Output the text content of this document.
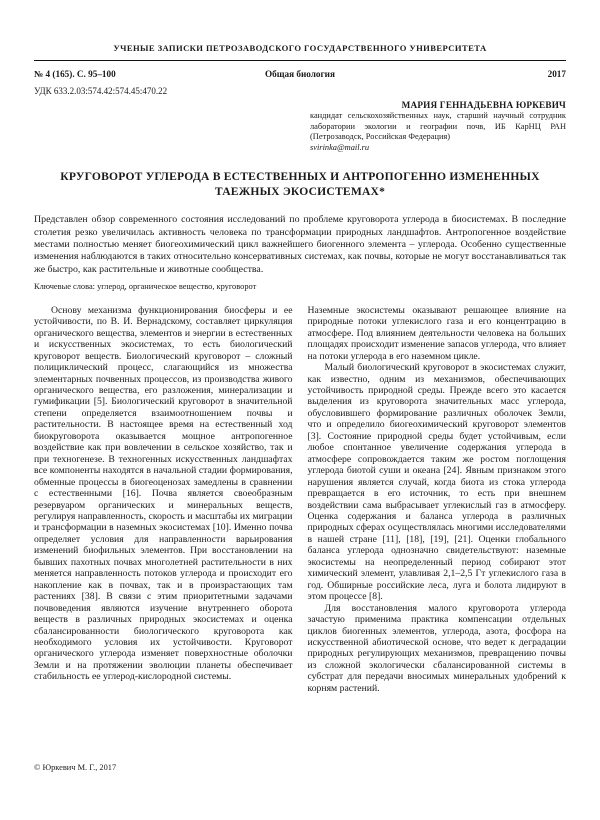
УЧЕНЫЕ ЗАПИСКИ ПЕТРОЗАВОДСКОГО ГОСУДАРСТВЕННОГО УНИВЕРСИТЕТА
№ 4 (165). С. 95–100	Общая биология	2017
УДК 633.2.03:574.42:574.45:470.22
МАРИЯ ГЕННАДЬЕВНА ЮРКЕВИЧ
кандидат сельскохозяйственных наук, старший научный сотрудник лаборатории экологии и географии почв, ИБ КарНЦ РАН (Петрозаводск, Российская Федерация)
svirinka@mail.ru
КРУГОВОРОТ УГЛЕРОДА В ЕСТЕСТВЕННЫХ И АНТРОПОГЕННО ИЗМЕНЕННЫХ ТАЕЖНЫХ ЭКОСИСТЕМАХ*
Представлен обзор современного состояния исследований по проблеме круговорота углерода в биосистемах. В последние столетия резко увеличилась активность человека по трансформации природных ландшафтов. Антропогенное воздействие местами полностью меняет биогеохимический цикл важнейшего биогенного элемента – углерода. Особенно существенные изменения наблюдаются в таких относительно консервативных системах, как почвы, которые не могут восстанавливаться так же быстро, как растительные и животные сообщества.
Ключевые слова: углерод, органическое вещество, круговорот

Основу механизма функционирования биосферы и ее устойчивости, по В. И. Вернадскому, составляет циркуляция органического вещества, элементов и энергии в естественных и искусственных экосистемах, то есть биологический круговорот веществ. Биологический круговорот – сложный полициклический процесс, слагающийся из множества элементарных почвенных процессов, из производства живого органического вещества, его разложения, минерализации и гумификации [5]. Биологический круговорот в значительной степени определяется взаимоотношением почвы и растительности. В настоящее время на естественный ход биокруговорота оказывается мощное антропогенное воздействие как при вовлечении в сельское хозяйство, так и при техногенезе. В техногенных искусственных ландшафтах все компоненты находятся в начальной стадии формирования, обменные процессы в биогеоценозах замедлены в сравнении с естественными [16]. Почва является своеобразным резервуаром органических и минеральных веществ, регулируя направленность, скорость и масштабы их миграции и трансформации в наземных экосистемах [10]. Именно почва определяет условия для направленности варьирования изменений биофильных элементов. При восстановлении на бывших пахотных почвах многолетней растительности в них меняется направленность потоков углерода и происходит его накопление как в почвах, так и в произрастающих там растениях [38]. В связи с этим приоритетными задачами почвоведения являются изучение внутреннего оборота веществ в различных природных экосистемах и оценка сбалансированности биологического круговорота как необходимого условия их устойчивости. Круговорот органического углерода изменяет поверхностные оболочки Земли и на протяжении эволюции планеты обеспечивает стабильность ее углерод-кислородной системы.

Наземные экосистемы оказывают решающее влияние на природные потоки углекислого газа и его концентрацию в атмосфере. Под влиянием деятельности человека на больших площадях происходит изменение запасов углерода, что влияет на потоки углерода в его наземном цикле.

Малый биологический круговорот в экосистемах служит, как известно, одним из механизмов, обеспечивающих устойчивость природной среды. Прежде всего это касается выделения из круговорота значительных масс углерода, обусловившего формирование различных оболочек Земли, что и определило биогеохимический круговорот элементов [3]. Состояние природной среды будет устойчивым, если любое спонтанное увеличение содержания углерода в атмосфере сопровождается таким же ростом поглощения углерода биотой суши и океана [24]. Явным признаком этого нарушения является случай, когда биота из стока углерода превращается в его источник, то есть при внешнем воздействии сама выбрасывает углекислый газ в атмосферу. Оценка содержания и баланса углерода в различных природных сферах осуществлялась многими исследователями в нашей стране [11], [18], [19], [21]. Оценки глобального баланса углерода однозначно свидетельствуют: наземные экосистемы на неопределенный период собирают этот химический элемент, улавливая 2,1–2,5 Гт углекислого газа в год. Обширные российские леса, луга и болота лидируют в этом процессе [8].

Для восстановления малого круговорота углерода зачастую применима практика компенсации отдельных циклов биогенных элементов, углерода, азота, фосфора на искусственной абиотической основе, что ведет к деградации природных регулирующих механизмов, превращению почвы из сложной экологически сбалансированной системы в субстрат для передачи вносимых минеральных удобрений к корням растений.

© Юркевич М. Г., 2017
